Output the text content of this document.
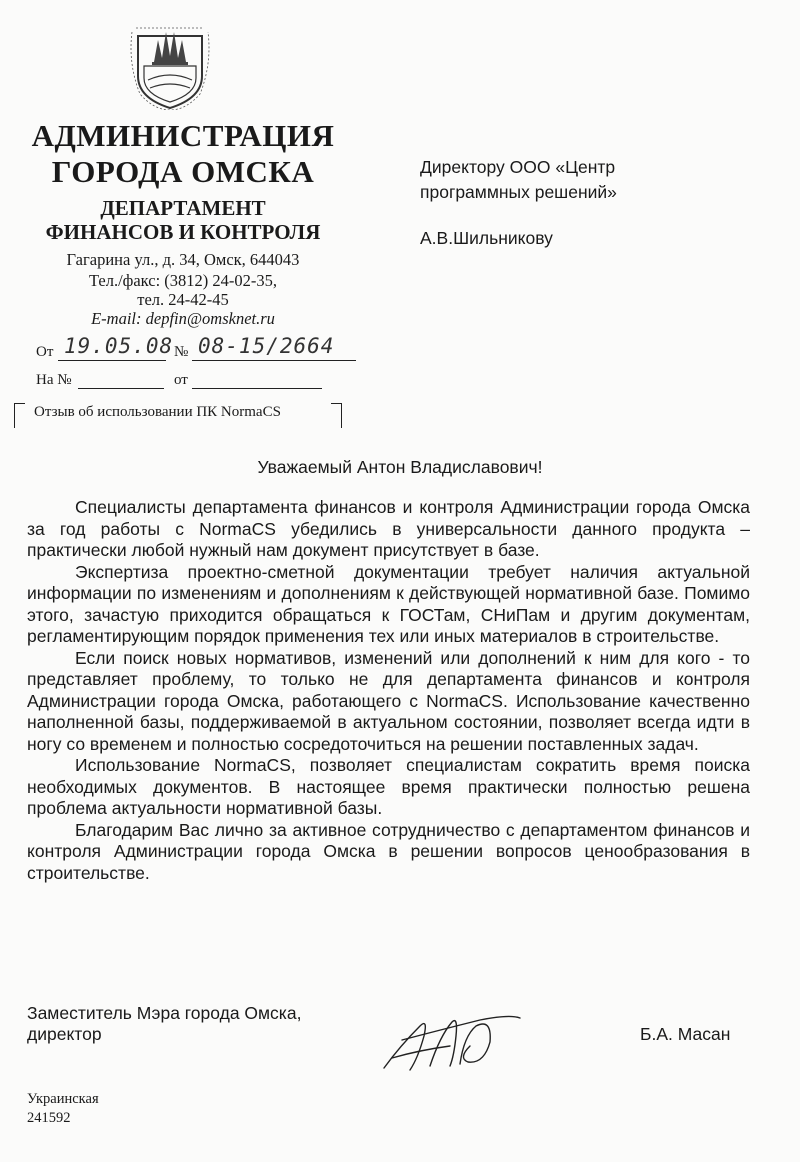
АДМИНИСТРАЦИЯ
ГОРОДА ОМСКА
ДЕПАРТАМЕНТ
ФИНАНСОВ И КОНТРОЛЯ
Гагарина ул., д. 34, Омск, 644043
Тел./факс: (3812) 24-02-35,
тел. 24-42-45
E-mail: depfin@omsknet.ru
От 19.05.08 № 08-15/2664
На №	от
Отзыв об использовании ПК NormaCS
Директору ООО «Центр
программных решений»
А.В.Шильникову
Уважаемый Антон Владиславович!

Специалисты департамента финансов и контроля Администрации города Омска за год работы с NormaCS убедились в универсальности данного продукта – практически любой нужный нам документ присутствует в базе.

Экспертиза проектно-сметной документации требует наличия актуальной информации по изменениям и дополнениям к действующей нормативной базе. Помимо этого, зачастую приходится обращаться к ГОСТам, СНиПам и другим документам, регламентирующим порядок применения тех или иных материалов в строительстве.

Если поиск новых нормативов, изменений или дополнений к ним для кого - то представляет проблему, то только не для департамента финансов и контроля Администрации города Омска, работающего с NormaCS. Использование качественно наполненной базы, поддерживаемой в актуальном состоянии, позволяет всегда идти в ногу со временем и полностью сосредоточиться на решении поставленных задач.

Использование NormaCS, позволяет специалистам сократить время поиска необходимых документов. В настоящее время практически полностью решена проблема актуальности нормативной базы.

Благодарим Вас лично за активное сотрудничество с департаментом финансов и контроля Администрации города Омска в решении вопросов ценообразования в строительстве.

Заместитель Мэра города Омска,
директор	Б.А. Масан
Украинская
241592
